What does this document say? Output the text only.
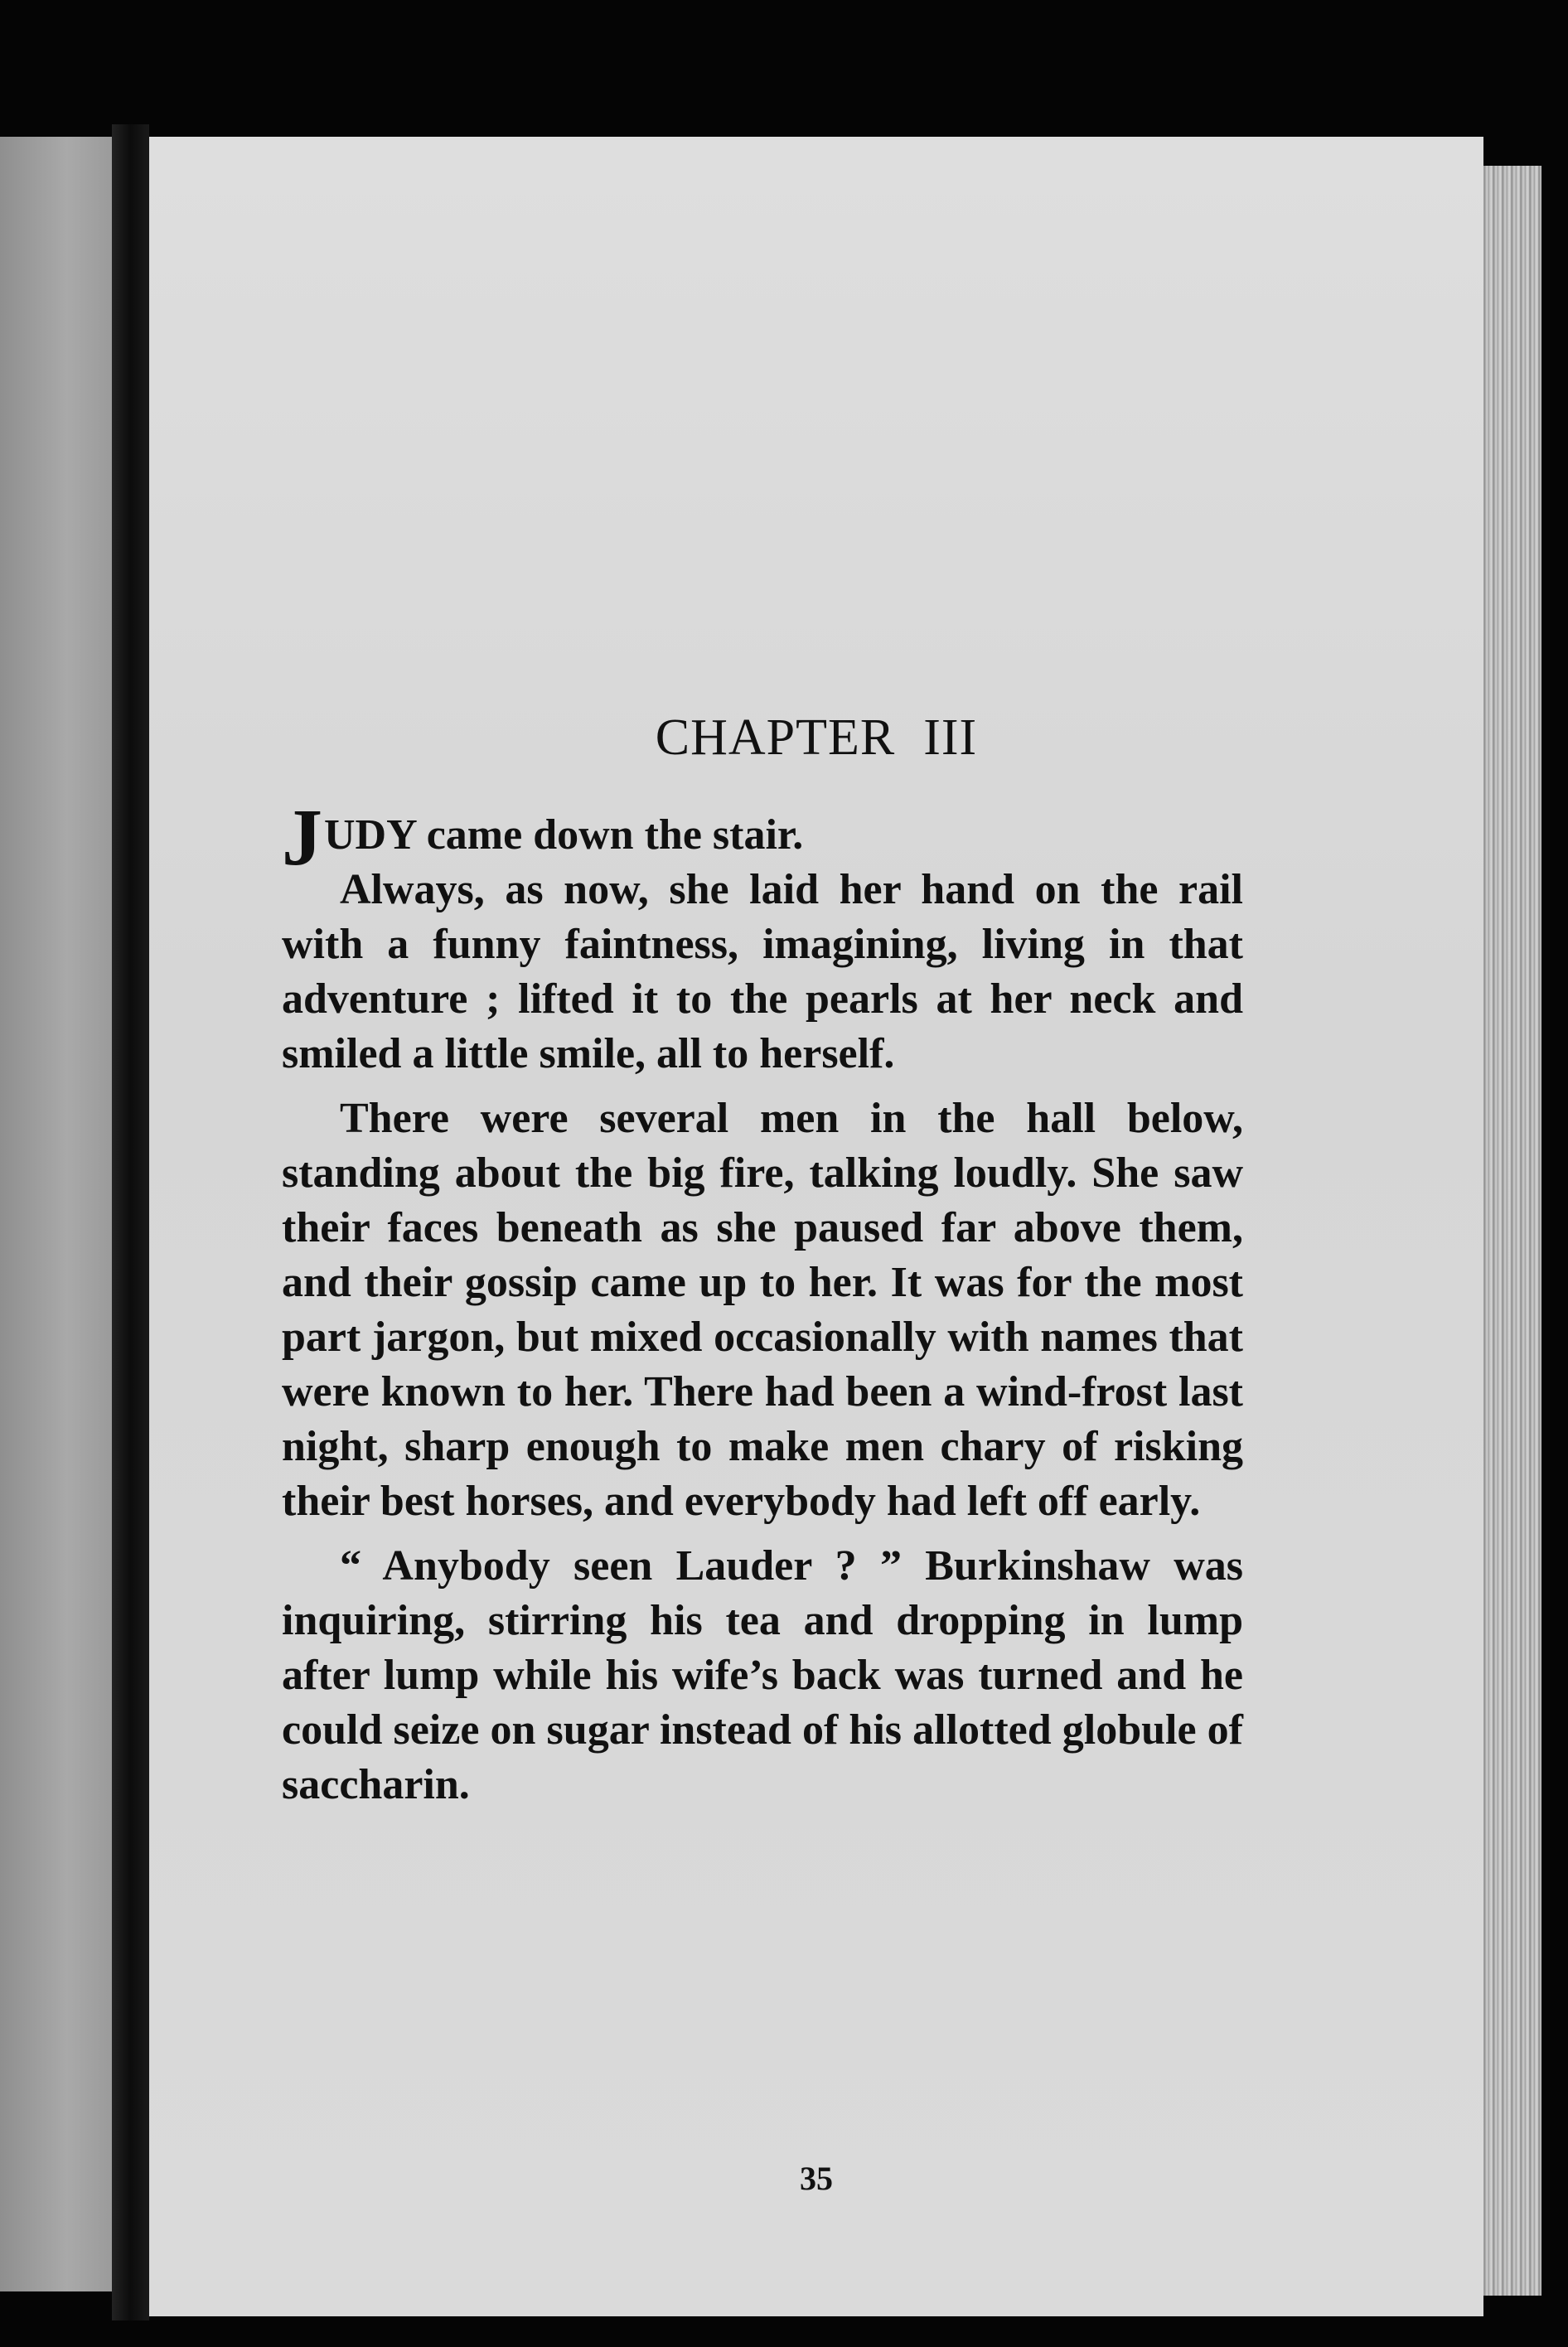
CHAPTER III

JUDY came down the stair.

Always, as now, she laid her hand on the rail with a funny faintness, imagining, living in that adventure ; lifted it to the pearls at her neck and smiled a little smile, all to herself.

There were several men in the hall below, standing about the big fire, talking loudly. She saw their faces beneath as she paused far above them, and their gossip came up to her. It was for the most part jargon, but mixed occasionally with names that were known to her. There had been a wind-frost last night, sharp enough to make men chary of risking their best horses, and everybody had left off early.

“ Anybody seen Lauder ? ” Burkinshaw was inquiring, stirring his tea and dropping in lump after lump while his wife’s back was turned and he could seize on sugar instead of his allotted globule of saccharin.

35
